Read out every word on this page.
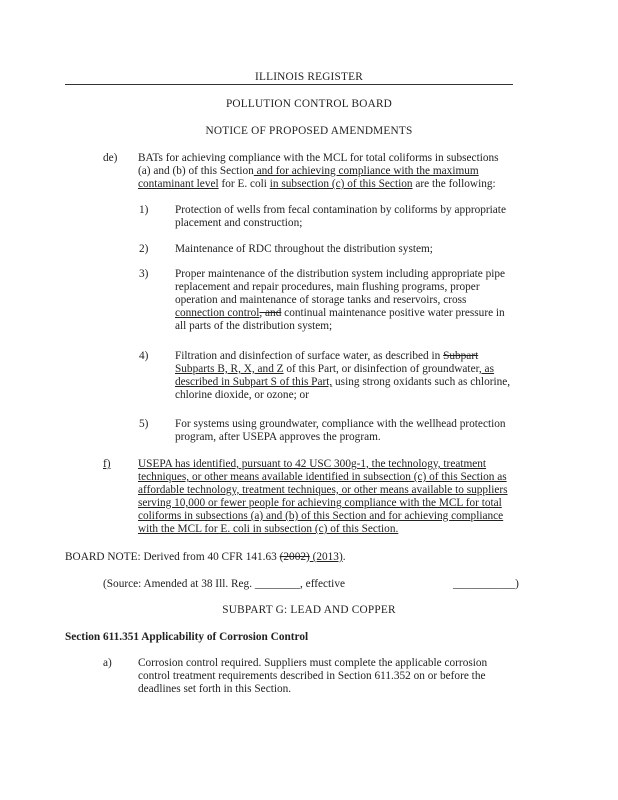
ILLINOIS REGISTER
POLLUTION CONTROL BOARD
NOTICE OF PROPOSED AMENDMENTS
de) BATs for achieving compliance with the MCL for total coliforms in subsections
(a) and (b) of this Section and for achieving compliance with the maximum
contaminant level for E. coli in subsection (c) of this Section are the following:
1) Protection of wells from fecal contamination by coliforms by appropriate
placement and construction;
2) Maintenance of RDC throughout the distribution system;
3) Proper maintenance of the distribution system including appropriate pipe
replacement and repair procedures, main flushing programs, proper
operation and maintenance of storage tanks and reservoirs, cross
connection control, and continual maintenance positive water pressure in
all parts of the distribution system;
4) Filtration and disinfection of surface water, as described in Subpart
Subparts B, R, X, and Z of this Part, or disinfection of groundwater, as
described in Subpart S of this Part, using strong oxidants such as chlorine,
chlorine dioxide, or ozone; or
5) For systems using groundwater, compliance with the wellhead protection
program, after USEPA approves the program.
f) USEPA has identified, pursuant to 42 USC 300g-1, the technology, treatment
techniques, or other means available identified in subsection (c) of this Section as
affordable technology, treatment techniques, or other means available to suppliers
serving 10,000 or fewer people for achieving compliance with the MCL for total
coliforms in subsections (a) and (b) of this Section and for achieving compliance
with the MCL for E. coli in subsection (c) of this Section.
BOARD NOTE: Derived from 40 CFR 141.63 (2002) (2013).
(Source: Amended at 38 Ill. Reg. ________, effective	___________)
SUBPART G: LEAD AND COPPER
Section 611.351 Applicability of Corrosion Control
a) Corrosion control required. Suppliers must complete the applicable corrosion
control treatment requirements described in Section 611.352 on or before the
deadlines set forth in this Section.
